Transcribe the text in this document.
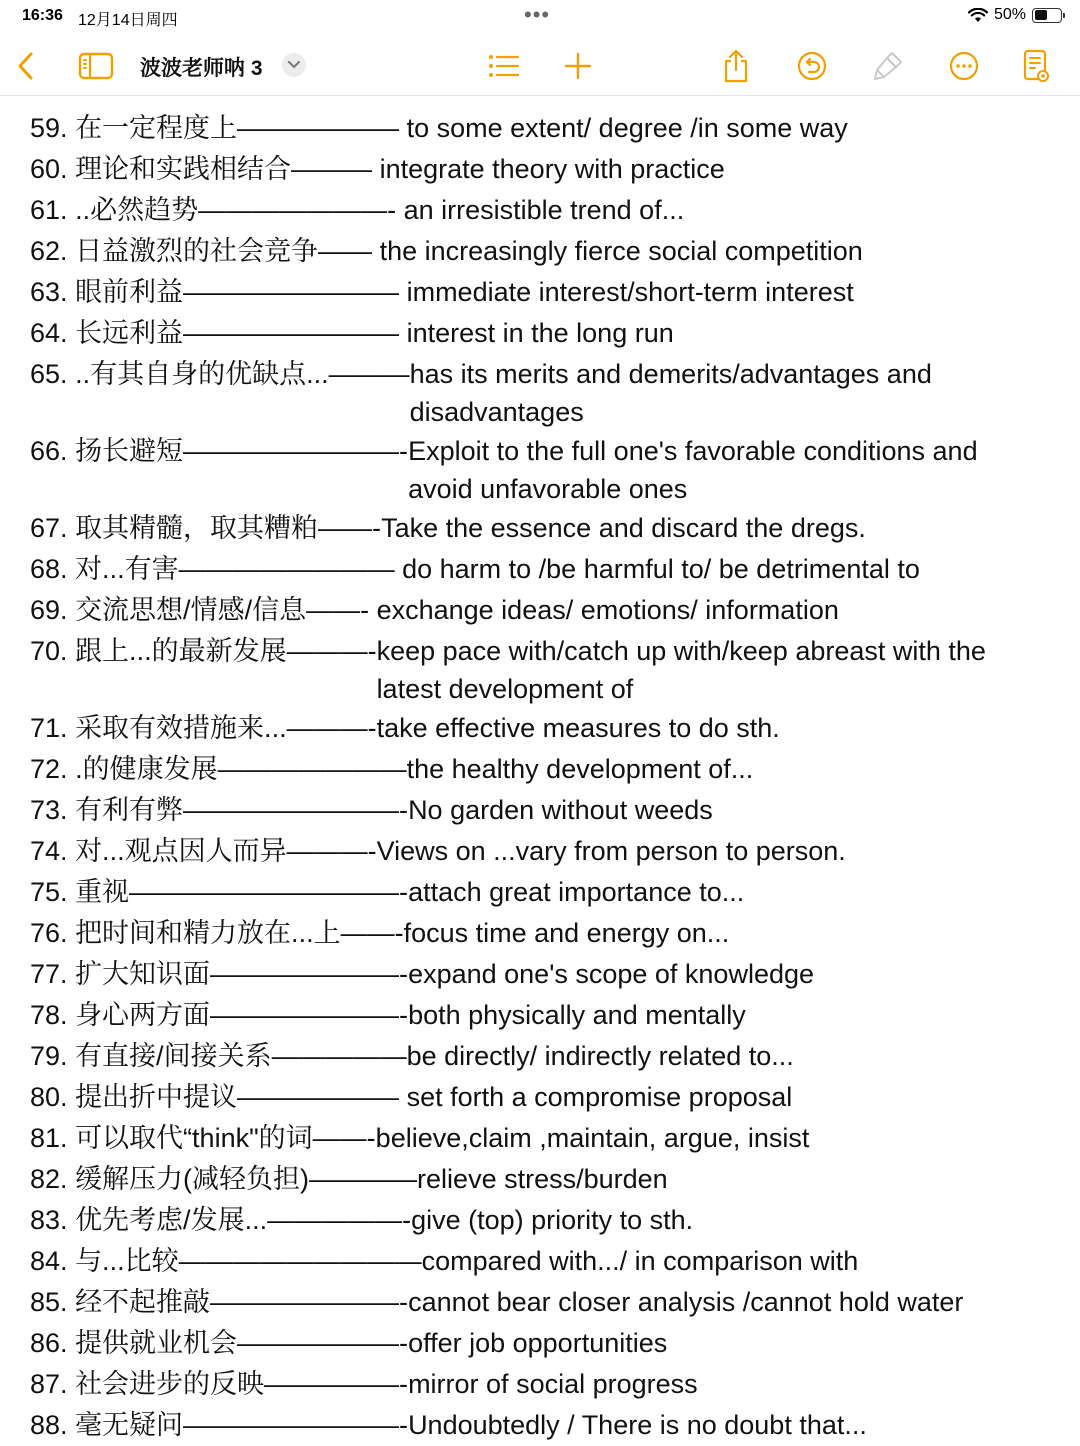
16:36 12月14日周四	•••	50%
波波老师呐 3
59.
在一定程度上—————— to some extent/ degree /in some way
60.
理论和实践相结合——— integrate theory with practice
61.
..必然趋势———————- an irresistible trend of...
62.
日益激烈的社会竞争—— the increasingly fierce social competition
63.
眼前利益———————— immediate interest/short-term interest
64.
长远利益———————— interest in the long run
65.
..有其自身的优缺点...——— has its merits and demerits/advantages and disadvantages
66.
扬长避短————————- Exploit to the full one's favorable conditions and avoid unfavorable ones
67.
取其精髓，取其糟粕——- Take the essence and discard the dregs.
68.
对...有害———————— do harm to /be harmful to/ be detrimental to
69.
交流思想/情感/信息——- exchange ideas/ emotions/ information
70.
跟上...的最新发展———- keep pace with/catch up with/keep abreast with the latest development of
71.
采取有效措施来...———- take effective measures to do sth.
72.
.的健康发展——————— the healthy development of...
73.
有利有弊————————- No garden without weeds
74.
对...观点因人而异———- Views on ...vary from person to person.
75.
重视——————————- attach great importance to...
76.
把时间和精力放在...上——- focus time and energy on...
77.
扩大知识面———————- expand one's scope of knowledge
78.
身心两方面———————- both physically and mentally
79.
有直接/间接关系————— be directly/ indirectly related to...
80.
提出折中提议—————— set forth a compromise proposal
81.
可以取代“think"的词——- believe,claim ,maintain, argue, insist
82.
缓解压力(减轻负担)———— relieve stress/burden
83.
优先考虑/发展...—————- give (top) priority to sth.
84.
与...比较————————— compared with.../ in comparison with
85.
经不起推敲———————- cannot bear closer analysis /cannot hold water
86.
提供就业机会——————- offer job opportunities
87.
社会进步的反映—————- mirror of social progress
88.
毫无疑问————————- Undoubtedly / There is no doubt that...
